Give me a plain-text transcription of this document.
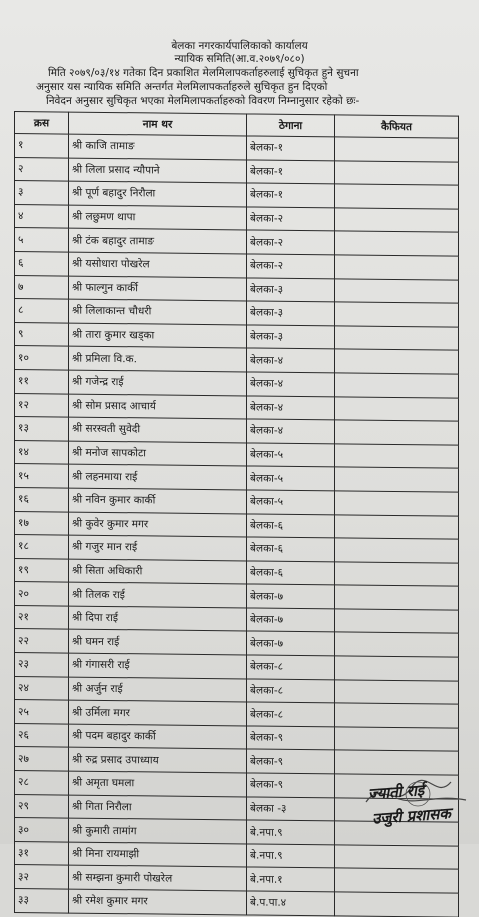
बेलका नगरकार्यपालिकाको कार्यालय
न्यायिक समिति(आ.व.२०७९/०८०)
मिति २०७९/०३/१४ गतेका दिन प्रकाशित मेलमिलापकर्ताहरुलाई सुचिकृत हुने सुचना
अनुसार यस न्यायिक समिति अन्तर्गत मेलमिलापकर्ताहरुले सुचिकृत हुन दिएको
निवेदन अनुसार सुचिकृत भएका मेलमिलापकर्ताहरुको विवरण निम्नानुसार रहेको छः-
क्रस	नाम थर	ठेगाना	कैफियत
१	श्री काजि तामाङ	बेलका-१	
२	श्री लिला प्रसाद न्यौपाने	बेलका-१	
३	श्री पूर्ण बहादुर निरौला	बेलका-१	
४	श्री लछुमण थापा	बेलका-२	
५	श्री टंक बहादुर तामाङ	बेलका-२	
६	श्री यसोधारा पोखरेल	बेलका-२	
७	श्री फाल्गुन कार्की	बेलका-३	
८	श्री लिलाकान्त चौधरी	बेलका-३	
९	श्री तारा कुमार खड्का	बेलका-३	
१०	श्री प्रमिला वि.क.	बेलका-४	
११	श्री गजेन्द्र राई	बेलका-४	
१२	श्री सोम प्रसाद आचार्य	बेलका-४	
१३	श्री सरस्वती सुवेदी	बेलका-४	
१४	श्री मनोज सापकोटा	बेलका-५	
१५	श्री लहनमाया राई	बेलका-५	
१६	श्री नविन कुमार कार्की	बेलका-५	
१७	श्री कुवेर कुमार मगर	बेलका-६	
१८	श्री गजुर मान राई	बेलका-६	
१९	श्री सिता अधिकारी	बेलका-६	
२०	श्री तिलक राई	बेलका-७	
२१	श्री दिपा राई	बेलका-७	
२२	श्री घमन राई	बेलका-७	
२३	श्री गंगासरी राई	बेलका-८	
२४	श्री अर्जुन राई	बेलका-८	
२५	श्री उर्मिला मगर	बेलका-८	
२६	श्री पदम बहादुर कार्की	बेलका-९	
२७	श्री रुद्र प्रसाद उपाध्याय	बेलका-९	
२८	श्री अमृता घमला	बेलका-९	
२९	श्री गिता निरौला	बेलका -३	
३०	श्री कुमारी तामांग	बे.नपा.९	
३१	श्री मिना रायमाझी	बे.नपा.९	
३२	श्री सम्झना कुमारी पोखरेल	बे.नपा.१	
३३	श्री रमेश कुमार मगर	बे.प.पा.४	
ज्याती राई
उजुरी प्रशासक
